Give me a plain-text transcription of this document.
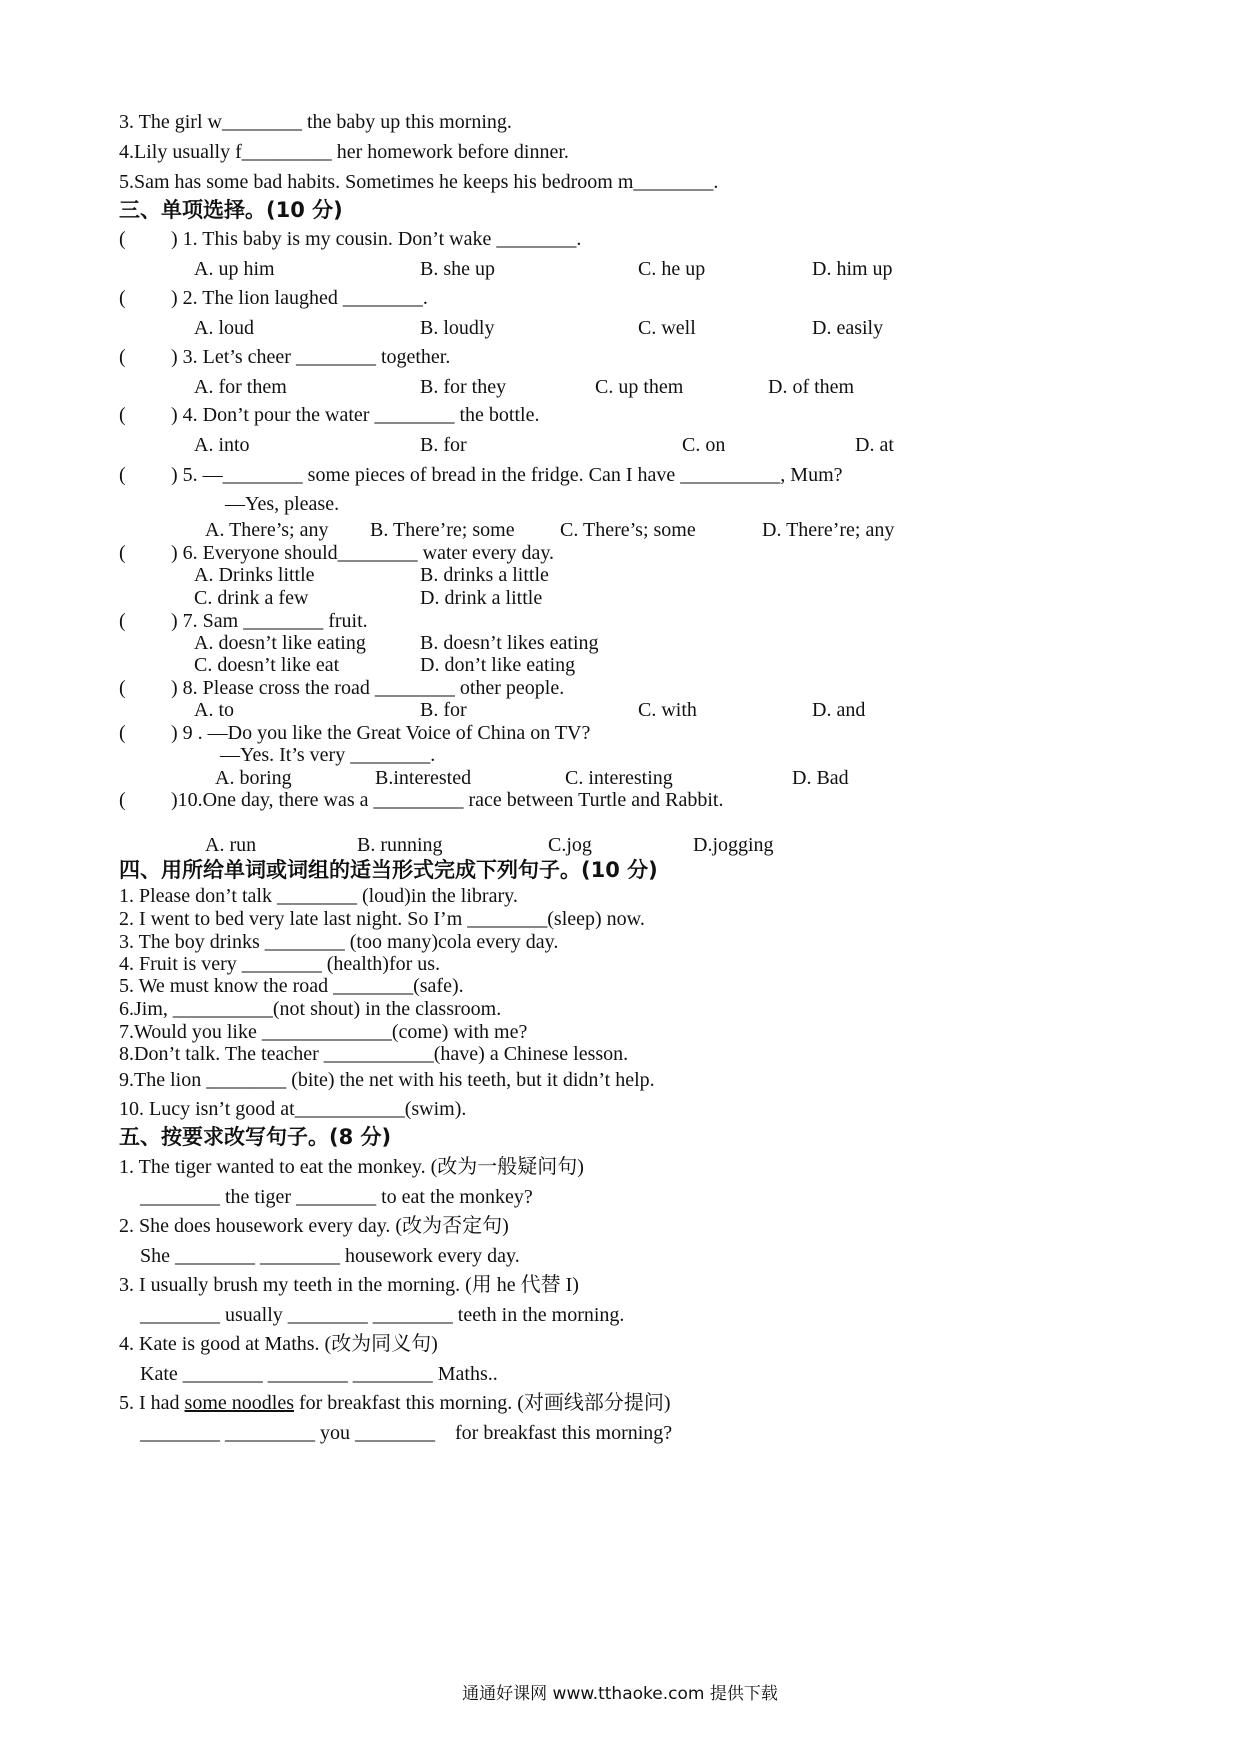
3. The girl w________ the baby up this morning.
4.Lily usually f_________ her homework before dinner.
5.Sam has some bad habits. Sometimes he keeps his bedroom m________.
三、单项选择。(10 分)
( ) 1. This baby is my cousin. Don’t wake ________.
A. up him	B. she up	C. he up	D. him up
( ) 2. The lion laughed ________.
A. loud	B. loudly	C. well	D. easily
( ) 3. Let’s cheer ________ together.
A. for them	B. for they	C. up them	D. of them
( ) 4. Don’t pour the water ________ the bottle.
A. into	B. for	C. on	D. at
( ) 5. —________ some pieces of bread in the fridge. Can I have __________, Mum?
—Yes, please.
A. There’s; any B. There’re; some C. There’s; some	D. There’re; any
( ) 6. Everyone should________ water every day.
A. Drinks little	B. drinks a little
C. drink a few	D. drink a little
( ) 7. Sam ________ fruit.
A. doesn’t like eating	B. doesn’t likes eating
C. doesn’t like eat	D. don’t like eating
( ) 8. Please cross the road ________ other people.
A. to	B. for	C. with	D. and
( ) 9 . —Do you like the Great Voice of China on TV?
—Yes. It’s very ________.
A. boring	B.interested	C. interesting	D. Bad
( )10.One day, there was a _________ race between Turtle and Rabbit.
A. run	B. running	C.jog	D.jogging
四、用所给单词或词组的适当形式完成下列句子。(10 分)
1. Please don’t talk ________ (loud)in the library.
2. I went to bed very late last night. So I’m ________(sleep) now.
3. The boy drinks ________ (too many)cola every day.
4. Fruit is very ________ (health)for us.
5. We must know the road ________(safe).
6.Jim, __________(not shout) in the classroom.
7.Would you like _____________(come) with me?
8.Don’t talk. The teacher ___________(have) a Chinese lesson.
9.The lion ________ (bite) the net with his teeth, but it didn’t help.
10. Lucy isn’t good at___________(swim).
五、按要求改写句子。(8 分)
1. The tiger wanted to eat the monkey. (改为一般疑问句)
________ the tiger ________ to eat the monkey?
2. She does housework every day. (改为否定句)
She ________ ________ housework every day.
3. I usually brush my teeth in the morning. (用 he 代替 I)
________ usually ________ ________ teeth in the morning.
4. Kate is good at Maths. (改为同义句)
Kate ________ ________ ________ Maths..
5. I had some noodles for breakfast this morning. (对画线部分提问)
________ _________ you ________    for breakfast this morning?
通通好课网 www.tthaoke.com 提供下载
